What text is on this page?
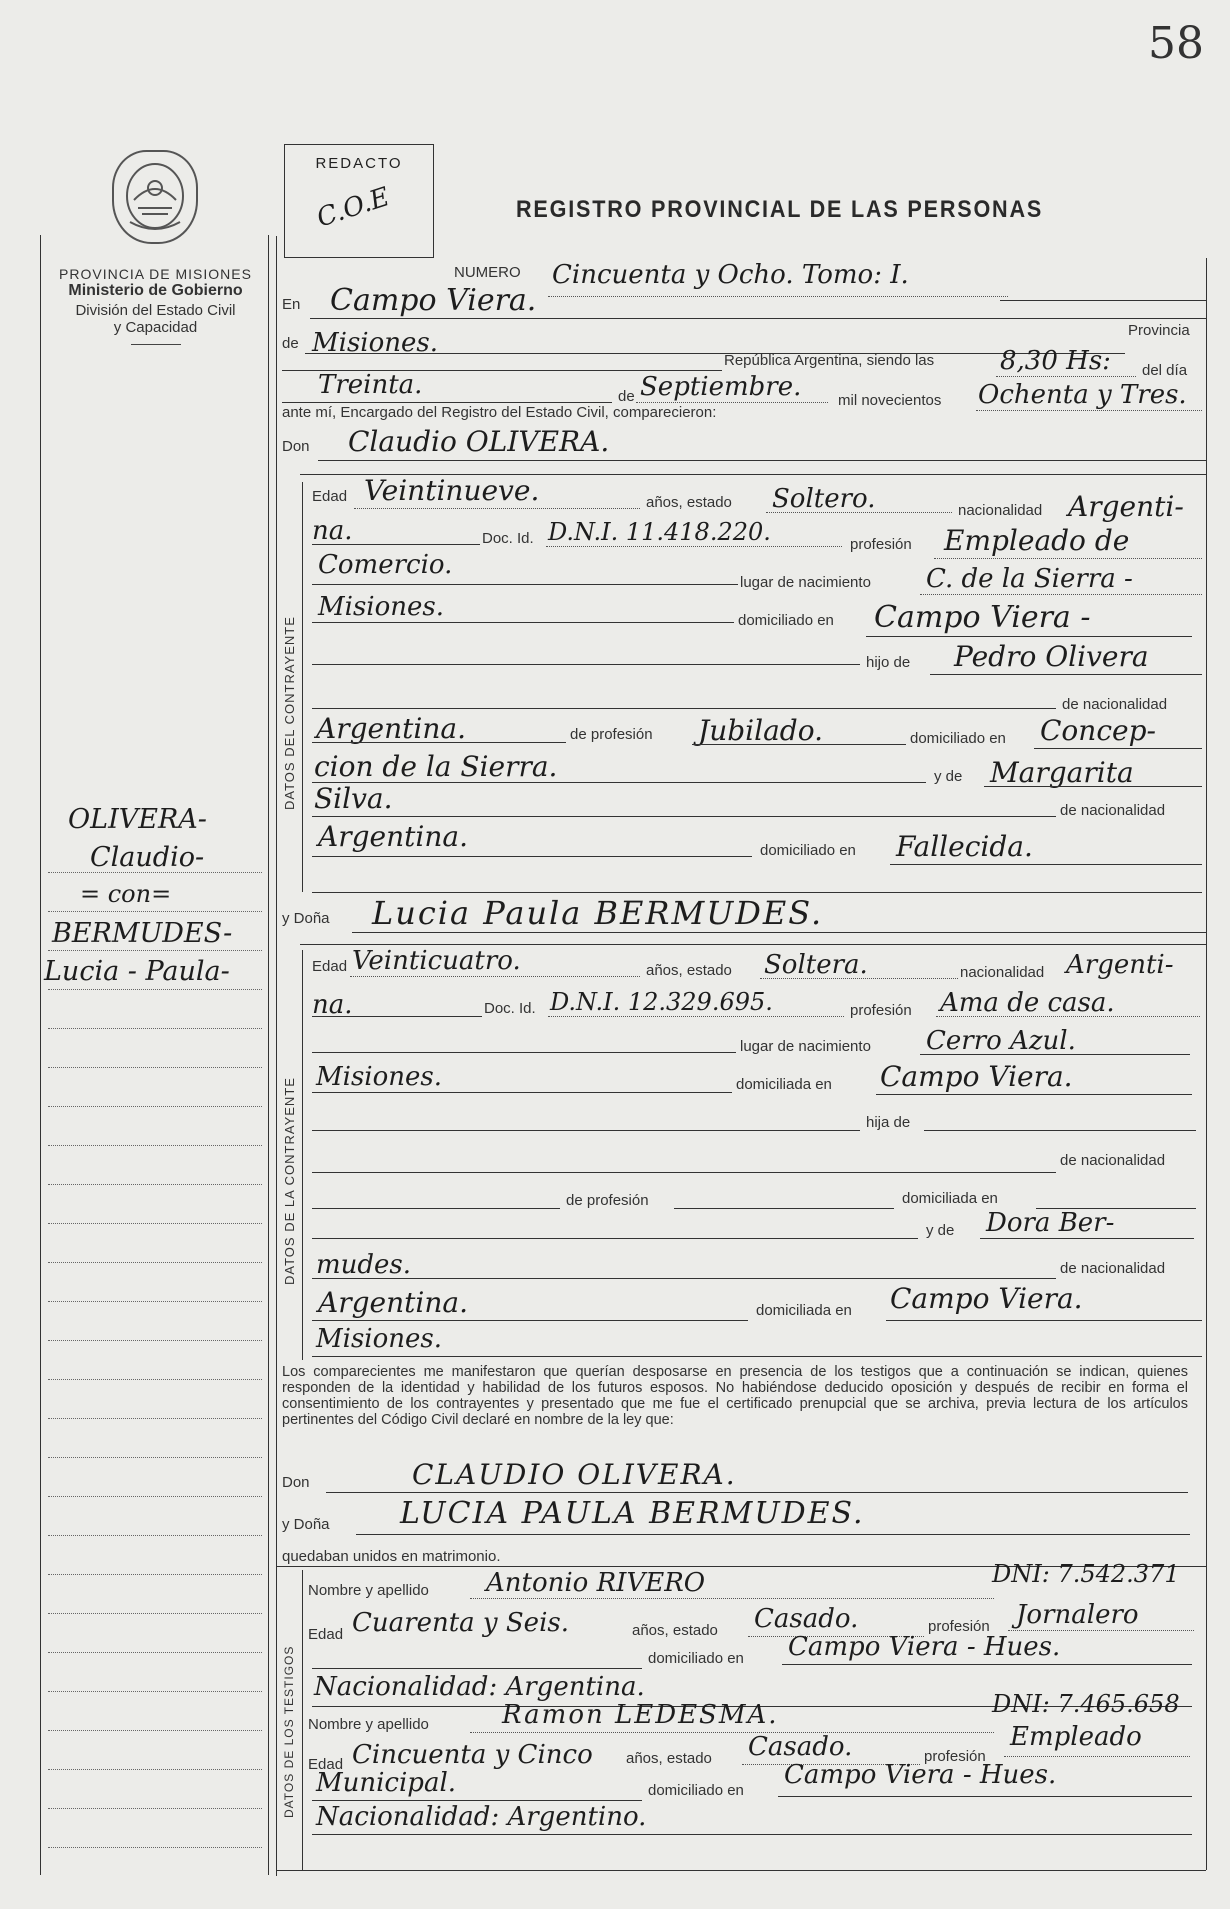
58
PROVINCIA DE MISIONES
Ministerio de Gobierno
División del Estado Civil
y Capacidad
REDACTO
C.O.E	REGISTRO PROVINCIAL DE LAS PERSONAS
NUMERO Cincuenta y Ocho. Tomo: I.
En Campo Viera.
de Misiones.	Provincia
República Argentina, siendo las	8,30 Hs: del día
Treinta.	de Septiembre. mil novecientos Ochenta y Tres.
ante mí, Encargado del Registro del Estado Civil, comparecieron:
Don Claudio OLIVERA.
DATOS DEL CONTRAYENTE
Edad Veintinueve.	años, estado Soltero.	nacionalidad Argenti-
na.	Doc. Id. D.N.I. 11.418.220.	profesión Empleado de
Comercio.
lugar de nacimiento C. de la Sierra -
Misiones.	domiciliado en Campo Viera -
hijo de Pedro Olivera
de nacionalidad
Argentina.	de profesión Jubilado.	domiciliado en Concep-
cion de la Sierra.	y de Margarita
Silva.	de nacionalidad
Argentina.	domiciliado en Fallecida.
y Doña Lucia Paula BERMUDES.
DATOS DE LA CONTRAYENTE
Edad Veinticuatro.	años, estado Soltera.	nacionalidad Argenti-
na.	Doc. Id. D.N.I. 12.329.695.	profesión Ama de casa.
lugar de nacimiento Cerro Azul.
Misiones.	domiciliada en Campo Viera.
hija de
de nacionalidad
de profesión	domiciliada en
y de Dora Ber-
mudes.	de nacionalidad
Argentina.	domiciliada en Campo Viera.
Misiones.
Los comparecientes me manifestaron que querían desposarse en presencia de los testigos que a continuación se indican, quienes responden de la identidad y habilidad de los futuros esposos. No habiéndose deducido oposición y después de recibir en forma el consentimiento de los contrayentes y presentado que me fue el certificado prenupcial que se archiva, previa lectura de los artículos pertinentes del Código Civil declaré en nombre de la ley que:
Don	CLAUDIO OLIVERA.
y Doña LUCIA PAULA BERMUDES.
quedaban unidos en matrimonio.
DATOS DE LOS TESTIGOS
Nombre y apellido Antonio RIVERO	DNI: 7.542.371
Edad Cuarenta y Seis.	años, estado Casado.	profesión Jornalero
domiciliado en Campo Viera - Hues.
Nacionalidad: Argentina.
Nombre y apellido	Ramon LEDESMA.	DNI: 7.465.658
Edad Cincuenta y Cinco años, estado Casado.	profesión
Empleado
Municipal.	domiciliado en
Campo Viera - Hues.
Nacionalidad: Argentino.
OLIVERA-
Claudio-
= con=
BERMUDES-
Lucia - Paula-
